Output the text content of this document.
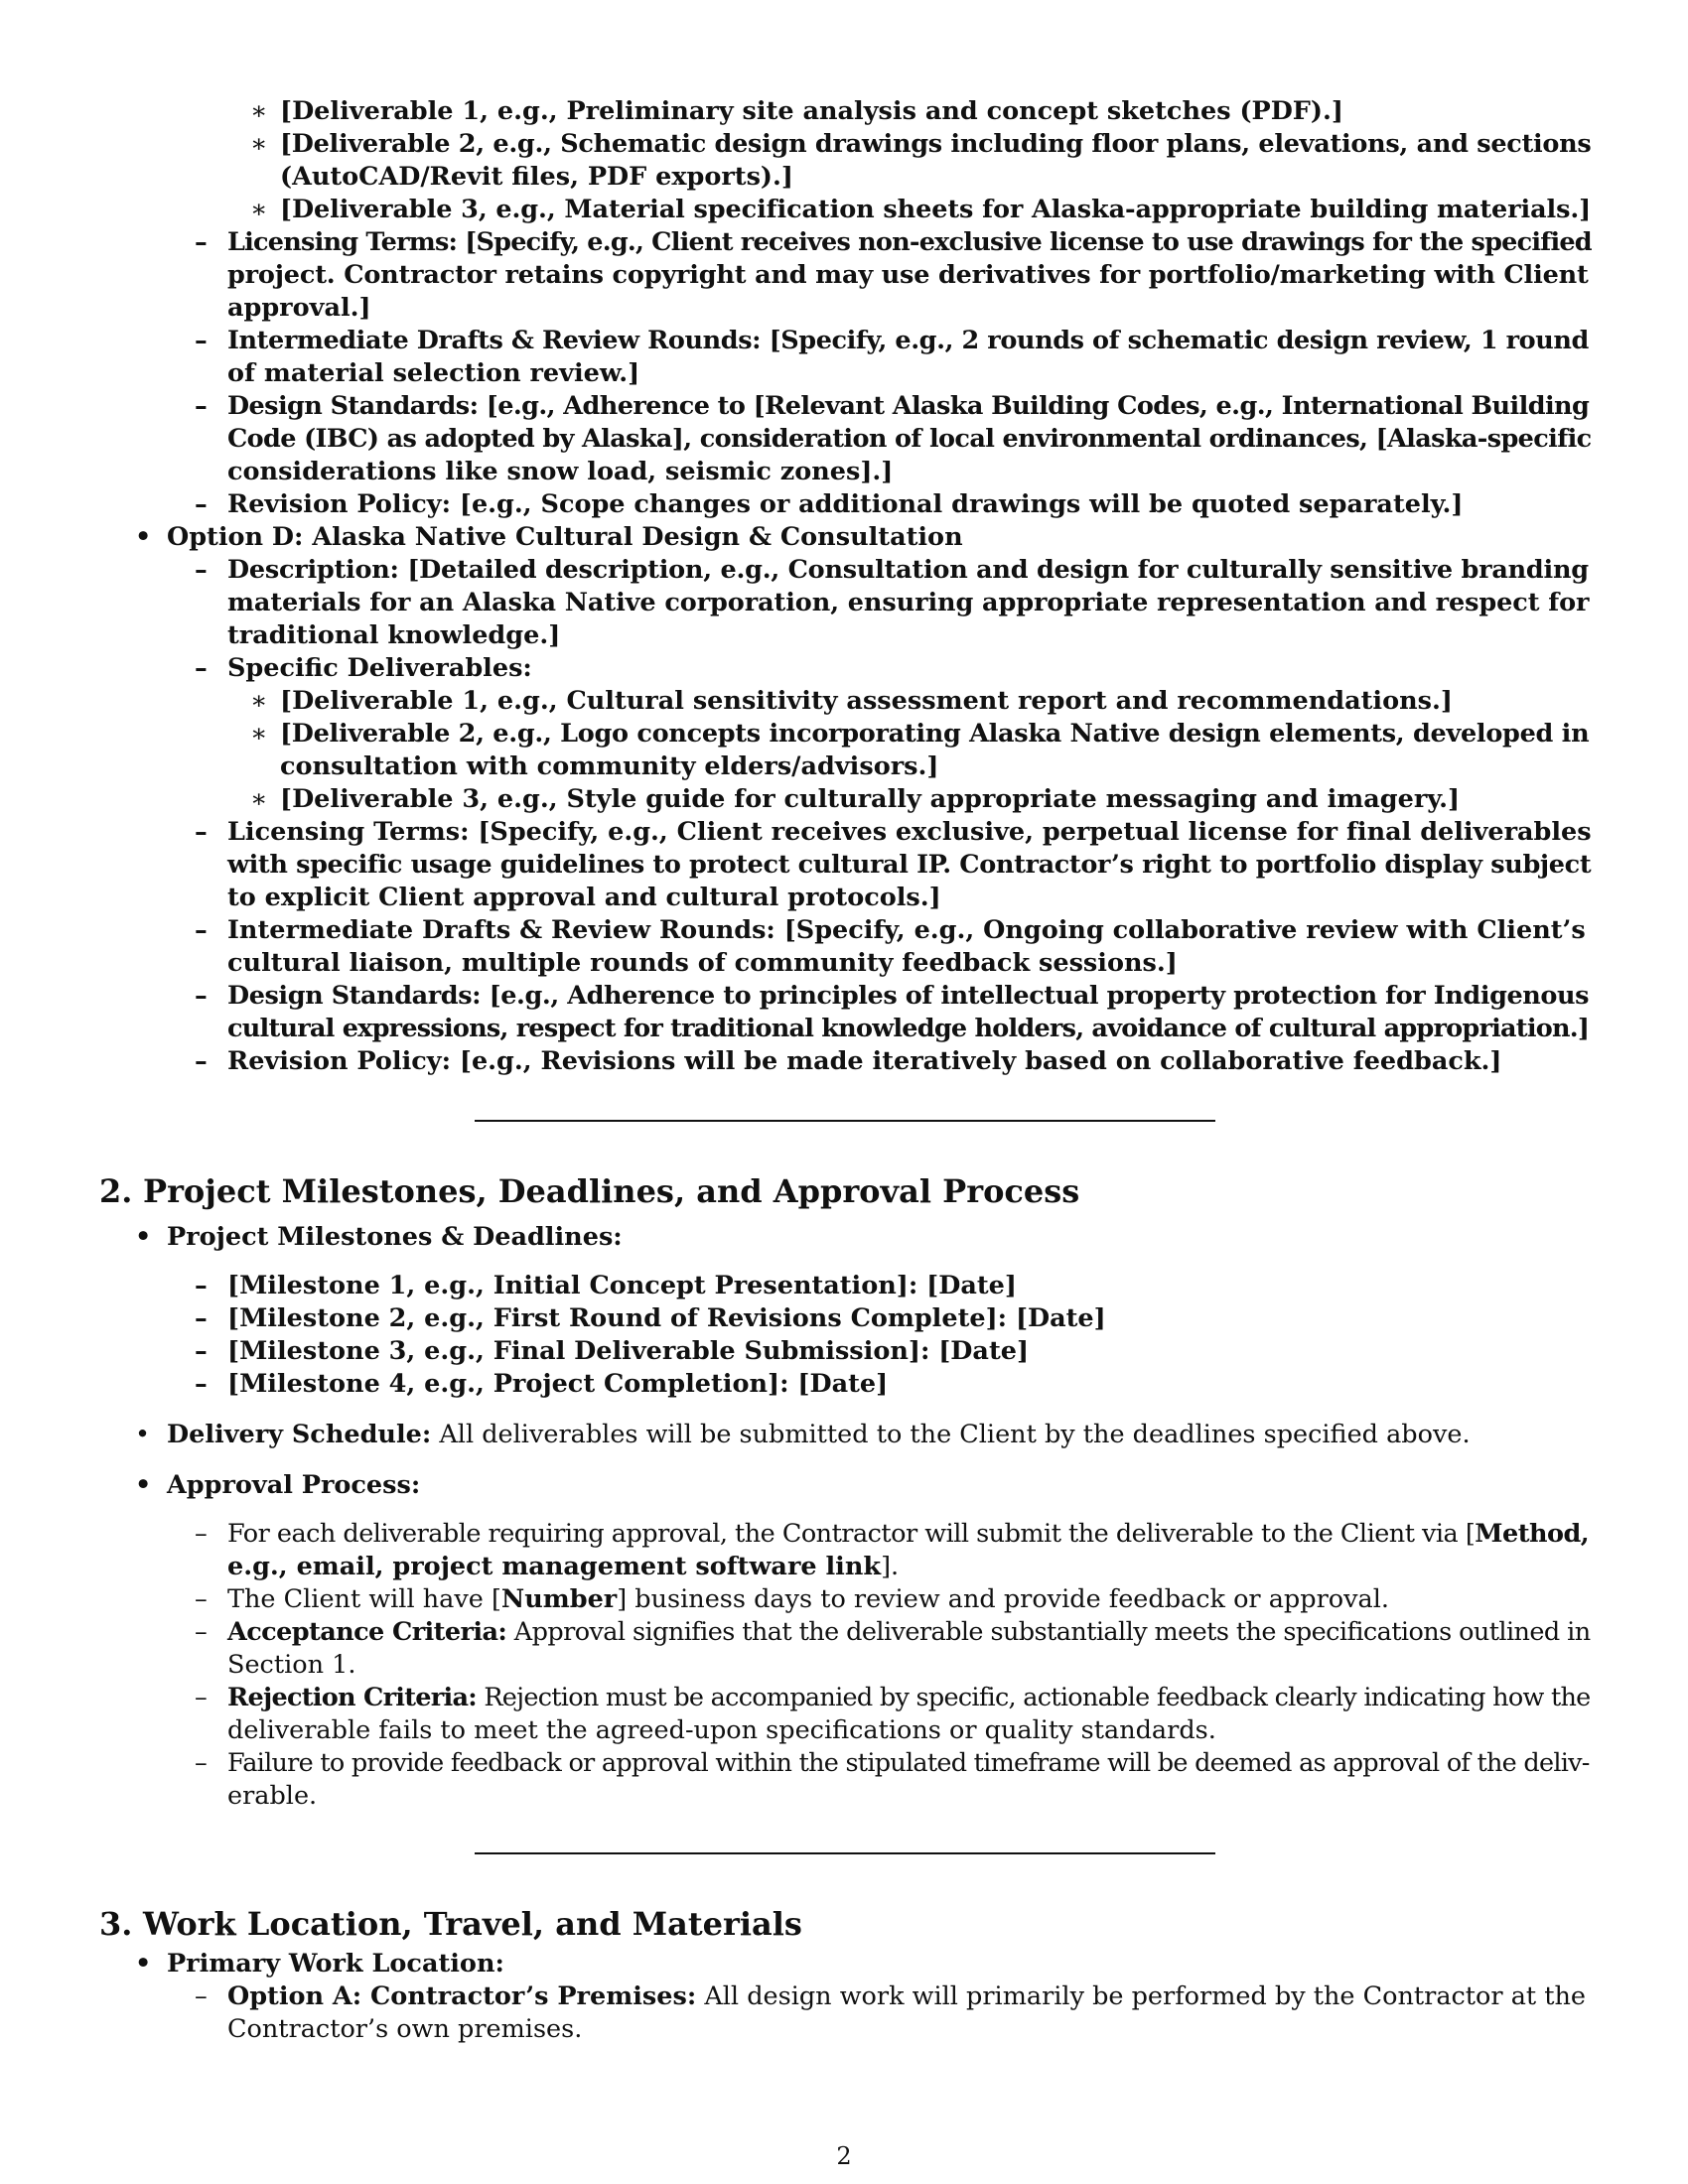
∗ [Deliverable 1, e.g., Preliminary site analysis and concept sketches (PDF).]
∗ [Deliverable 2, e.g., Schematic design drawings including floor plans, elevations, and sections
(AutoCAD/Revit files, PDF exports).]
∗ [Deliverable 3, e.g., Material specification sheets for Alaska-appropriate building materials.]
– Licensing Terms: [Specify, e.g., Client receives non-exclusive license to use drawings for the specified
project. Contractor retains copyright and may use derivatives for portfolio/marketing with Client
approval.]
– Intermediate Drafts & Review Rounds: [Specify, e.g., 2 rounds of schematic design review, 1 round
of material selection review.]
– Design Standards: [e.g., Adherence to [Relevant Alaska Building Codes, e.g., International Building
Code (IBC) as adopted by Alaska], consideration of local environmental ordinances, [Alaska-specific
considerations like snow load, seismic zones].]
– Revision Policy: [e.g., Scope changes or additional drawings will be quoted separately.]
• Option D: Alaska Native Cultural Design & Consultation
– Description: [Detailed description, e.g., Consultation and design for culturally sensitive branding
materials for an Alaska Native corporation, ensuring appropriate representation and respect for
traditional knowledge.]
– Specific Deliverables:
∗ [Deliverable 1, e.g., Cultural sensitivity assessment report and recommendations.]
∗ [Deliverable 2, e.g., Logo concepts incorporating Alaska Native design elements, developed in
consultation with community elders/advisors.]
∗ [Deliverable 3, e.g., Style guide for culturally appropriate messaging and imagery.]
– Licensing Terms: [Specify, e.g., Client receives exclusive, perpetual license for final deliverables
with specific usage guidelines to protect cultural IP. Contractor’s right to portfolio display subject
to explicit Client approval and cultural protocols.]
– Intermediate Drafts & Review Rounds: [Specify, e.g., Ongoing collaborative review with Client’s
cultural liaison, multiple rounds of community feedback sessions.]
– Design Standards: [e.g., Adherence to principles of intellectual property protection for Indigenous
cultural expressions, respect for traditional knowledge holders, avoidance of cultural appropriation.]
– Revision Policy: [e.g., Revisions will be made iteratively based on collaborative feedback.]
2. Project Milestones, Deadlines, and Approval Process
• Project Milestones & Deadlines:
– [Milestone 1, e.g., Initial Concept Presentation]: [Date]
– [Milestone 2, e.g., First Round of Revisions Complete]: [Date]
– [Milestone 3, e.g., Final Deliverable Submission]: [Date]
– [Milestone 4, e.g., Project Completion]: [Date]
• Delivery Schedule: All deliverables will be submitted to the Client by the deadlines specified above.
• Approval Process:
– For each deliverable requiring approval, the Contractor will submit the deliverable to the Client via [Method,
e.g., email, project management software link].
– The Client will have [Number] business days to review and provide feedback or approval.
– Acceptance Criteria: Approval signifies that the deliverable substantially meets the specifications outlined in
Section 1.
– Rejection Criteria: Rejection must be accompanied by specific, actionable feedback clearly indicating how the
deliverable fails to meet the agreed-upon specifications or quality standards.
– Failure to provide feedback or approval within the stipulated timeframe will be deemed as approval of the deliv-
erable.
3. Work Location, Travel, and Materials
• Primary Work Location:
– Option A: Contractor’s Premises: All design work will primarily be performed by the Contractor at the
Contractor’s own premises.
2
